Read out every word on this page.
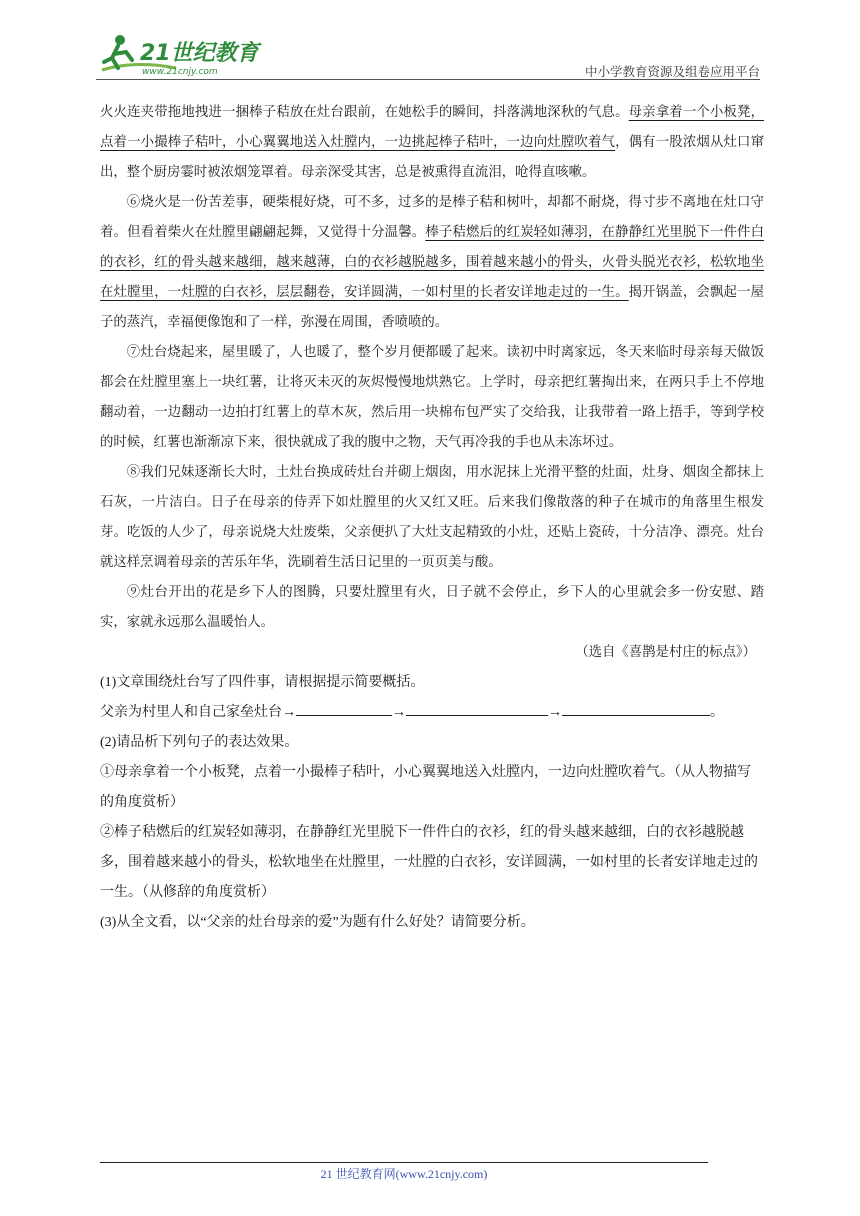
21世纪教育
www.21cnjy.com	中小学教育资源及组卷应用平台

火火连夹带拖地拽进一捆棒子秸放在灶台跟前，在她松手的瞬间，抖落满地深秋的气息。母亲拿着一个小板凳，点着一小撮棒子秸叶，小心翼翼地送入灶膛内，一边挑起棒子秸叶，一边向灶膛吹着气，偶有一股浓烟从灶口窜出，整个厨房霎时被浓烟笼罩着。母亲深受其害，总是被熏得直流泪，呛得直咳嗽。

⑥烧火是一份苦差事，硬柴棍好烧，可不多，过多的是棒子秸和树叶，却都不耐烧，得寸步不离地在灶口守着。但看着柴火在灶膛里翩翩起舞，又觉得十分温馨。棒子秸燃后的红炭轻如薄羽，在静静红光里脱下一件件白的衣衫，红的骨头越来越细，越来越薄，白的衣衫越脱越多，围着越来越小的骨头，火骨头脱光衣衫，松软地坐在灶膛里，一灶膛的白衣衫，层层翻卷，安详圆满，一如村里的长者安详地走过的一生。揭开锅盖，会飘起一屋子的蒸汽，幸福便像饱和了一样，弥漫在周围，香喷喷的。

⑦灶台烧起来，屋里暖了，人也暖了，整个岁月便都暖了起来。读初中时离家远，冬天来临时母亲每天做饭都会在灶膛里塞上一块红薯，让将灭未灭的灰烬慢慢地烘熟它。上学时，母亲把红薯掏出来，在两只手上不停地翻动着，一边翻动一边拍打红薯上的草木灰，然后用一块棉布包严实了交给我，让我带着一路上捂手，等到学校的时候，红薯也渐渐凉下来，很快就成了我的腹中之物，天气再冷我的手也从未冻坏过。

⑧我们兄妹逐渐长大时，土灶台换成砖灶台并砌上烟囱，用水泥抹上光滑平整的灶面，灶身、烟囱全都抹上石灰，一片洁白。日子在母亲的侍弄下如灶膛里的火又红又旺。后来我们像散落的种子在城市的角落里生根发芽。吃饭的人少了，母亲说烧大灶废柴，父亲便扒了大灶支起精致的小灶，还贴上瓷砖，十分洁净、漂亮。灶台就这样烹调着母亲的苦乐年华，洗刷着生活日记里的一页页美与酸。

⑨灶台开出的花是乡下人的图腾，只要灶膛里有火，日子就不会停止，乡下人的心里就会多一份安慰、踏实，家就永远那么温暖怡人。

（选自《喜鹊是村庄的标点》）

(1)文章围绕灶台写了四件事，请根据提示简要概括。

父亲为村里人和自己家垒灶台→	→	→	。

(2)请品析下列句子的表达效果。

①母亲拿着一个小板凳，点着一小撮棒子秸叶，小心翼翼地送入灶膛内，一边向灶膛吹着气。（从人物描写的角度赏析）

②棒子秸燃后的红炭轻如薄羽，在静静红光里脱下一件件白的衣衫，红的骨头越来越细，白的衣衫越脱越多，围着越来越小的骨头，松软地坐在灶膛里，一灶膛的白衣衫，安详圆满，一如村里的长者安详地走过的一生。（从修辞的角度赏析）

(3)从全文看，以“父亲的灶台母亲的爱”为题有什么好处？请简要分析。

21 世纪教育网(www.21cnjy.com)
